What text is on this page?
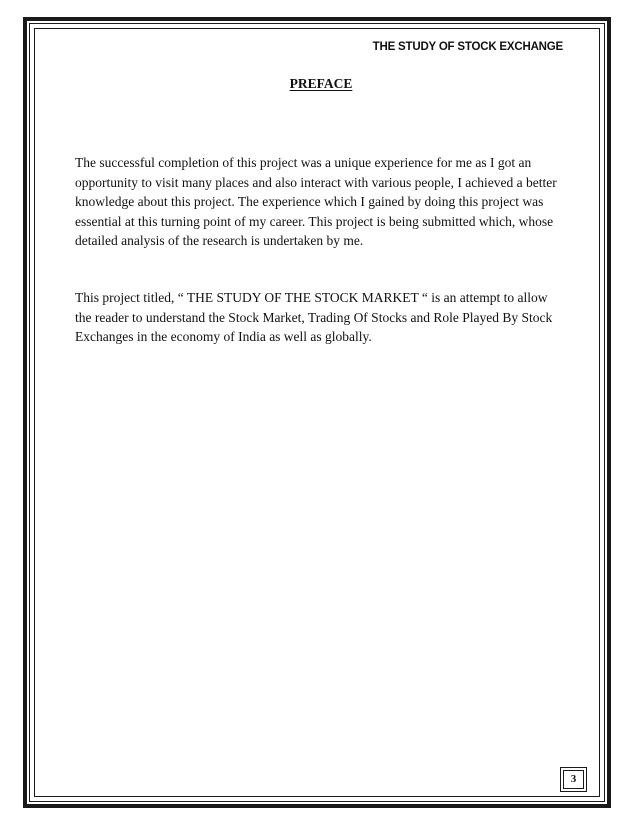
THE STUDY OF STOCK EXCHANGE
PREFACE

The successful completion of this project was a unique experience for me as I got an opportunity to visit many places and also interact with various people, I achieved a better knowledge about this project. The experience which I gained by doing this project was essential at this turning point of my career. This project is being submitted which, whose detailed analysis of the research is undertaken by me.

This project titled, “ THE STUDY OF THE STOCK MARKET “ is an attempt to allow the reader to understand the Stock Market, Trading Of Stocks and Role Played By Stock Exchanges in the economy of India as well as globally.

3
